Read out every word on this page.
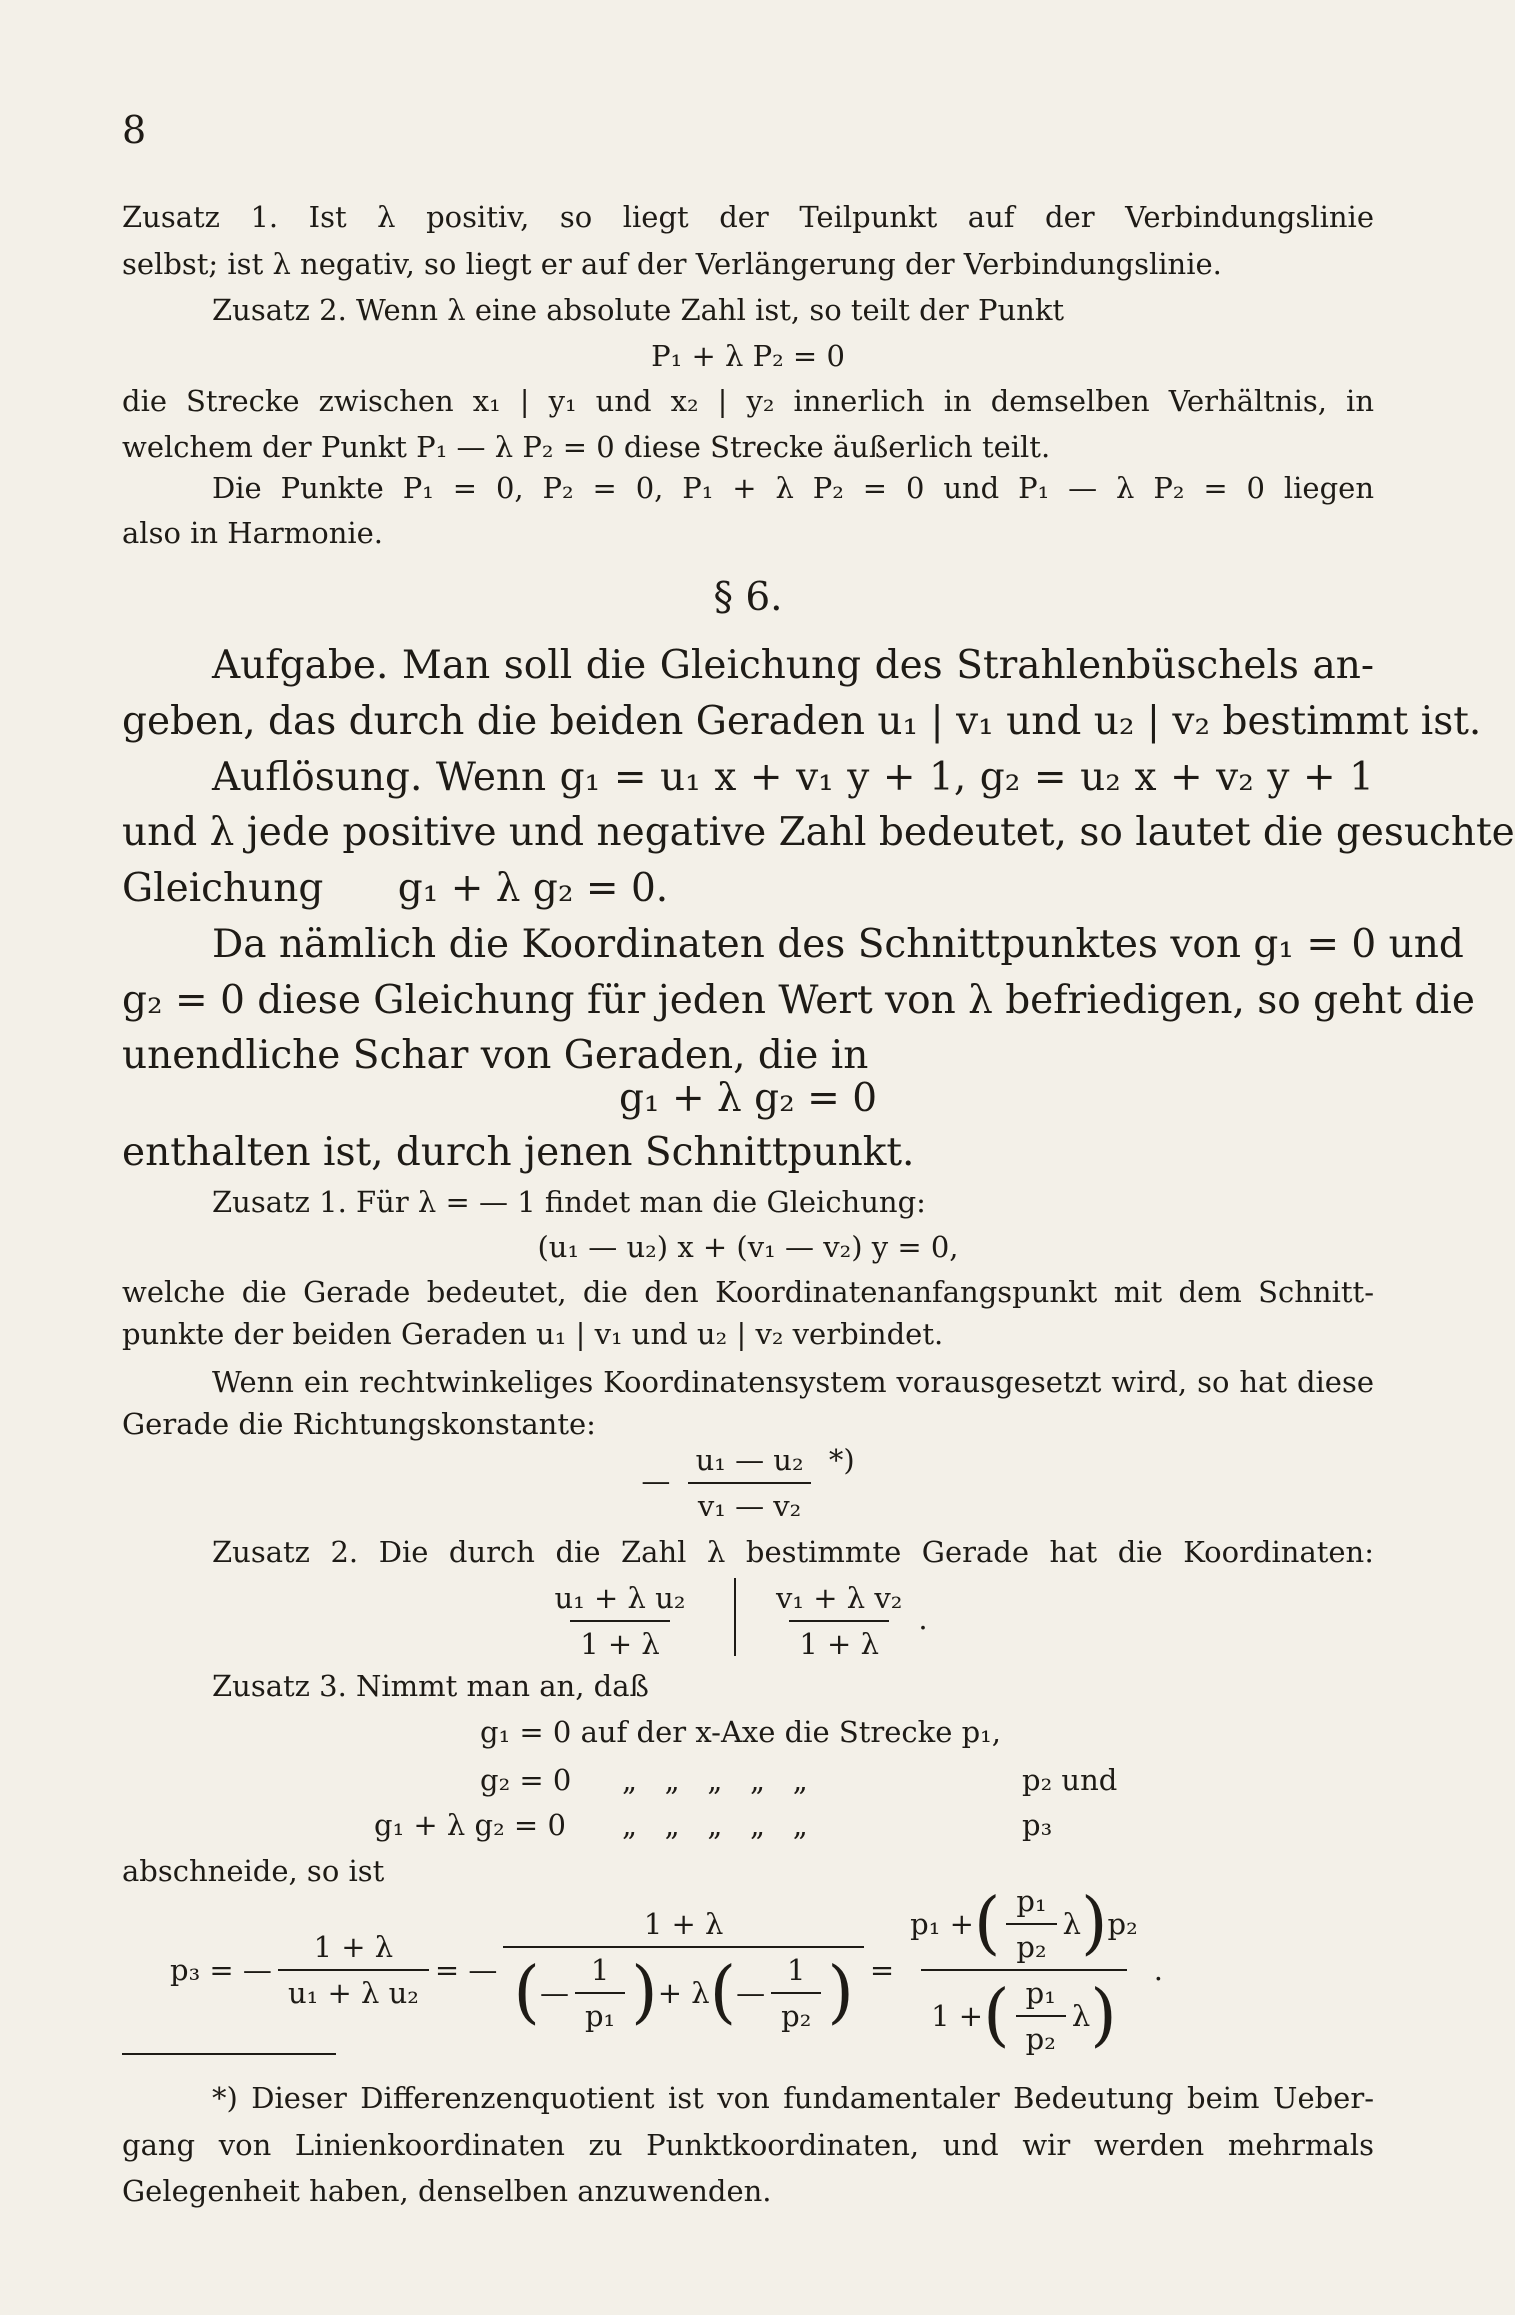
8
Zusatz 1. Ist λ positiv, so liegt der Teilpunkt auf der Verbindungslinie
selbst; ist λ negativ, so liegt er auf der Verlängerung der Verbindungslinie.
Zusatz 2. Wenn λ eine absolute Zahl ist, so teilt der Punkt
P₁ + λ P₂ = 0
die Strecke zwischen x₁ | y₁ und x₂ | y₂ innerlich in demselben Verhältnis, in
welchem der Punkt P₁ — λ P₂ = 0 diese Strecke äußerlich teilt.
Die Punkte P₁ = 0, P₂ = 0, P₁ + λ P₂ = 0 und P₁ — λ P₂ = 0 liegen
also in Harmonie.
§ 6.
Aufgabe. Man soll die Gleichung des Strahlenbüschels an-
geben, das durch die beiden Geraden u₁ | v₁ und u₂ | v₂ bestimmt ist.
Auflösung. Wenn g₁ = u₁ x + v₁ y + 1, g₂ = u₂ x + v₂ y + 1
und λ jede positive und negative Zahl bedeutet, so lautet die gesuchte
Gleichung      g₁ + λ g₂ = 0.
Da nämlich die Koordinaten des Schnittpunktes von g₁ = 0 und
g₂ = 0 diese Gleichung für jeden Wert von λ befriedigen, so geht die
unendliche Schar von Geraden, die in
g₁ + λ g₂ = 0
enthalten ist, durch jenen Schnittpunkt.
Zusatz 1. Für λ = — 1 findet man die Gleichung:
(u₁ — u₂) x + (v₁ — v₂) y = 0,
welche die Gerade bedeutet, die den Koordinatenanfangspunkt mit dem Schnitt-
punkte der beiden Geraden u₁ | v₁ und u₂ | v₂ verbindet.
Wenn ein rechtwinkeliges Koordinatensystem vorausgesetzt wird, so hat diese
Gerade die Richtungskonstante:
— $\frac{\text{u₁ — u₂}}{\text{v₁ — v₂}}$ *)
Zusatz 2. Die durch die Zahl λ bestimmte Gerade hat die Koordinaten:
$\frac{\text{u₁ + λ u₂}}{1 + \lambda} \frac{\text{v₁ + λ v₂}}{1 + \lambda}$ .
Zusatz 3. Nimmt man an, daß
g₁ = 0 auf der x-Axe die Strecke p₁,
g₂ = 0	„   „   „   „   „	p₂ und
g₁ + λ g₂ = 0	„   „   „   „   „	p₃
abschneide, so ist
p₃ = — $\frac{1 + \lambda}{\text{u₁ + λ u₂}}$ = —
1 + λ
( — $\frac{1}{\text{p₁}}$ ) + λ ( — $\frac{1}{\text{p₂}}$ ) =
p₁ + ( $\frac{\text{p₁}}{\text{p₂}}$ λ ) p₂
1 + ( $\frac{\text{p₁}}{\text{p₂}}$ λ )
.
*) Dieser Differenzenquotient ist von fundamentaler Bedeutung beim Ueber-
gang von Linienkoordinaten zu Punktkoordinaten, und wir werden mehrmals
Gelegenheit haben, denselben anzuwenden.
